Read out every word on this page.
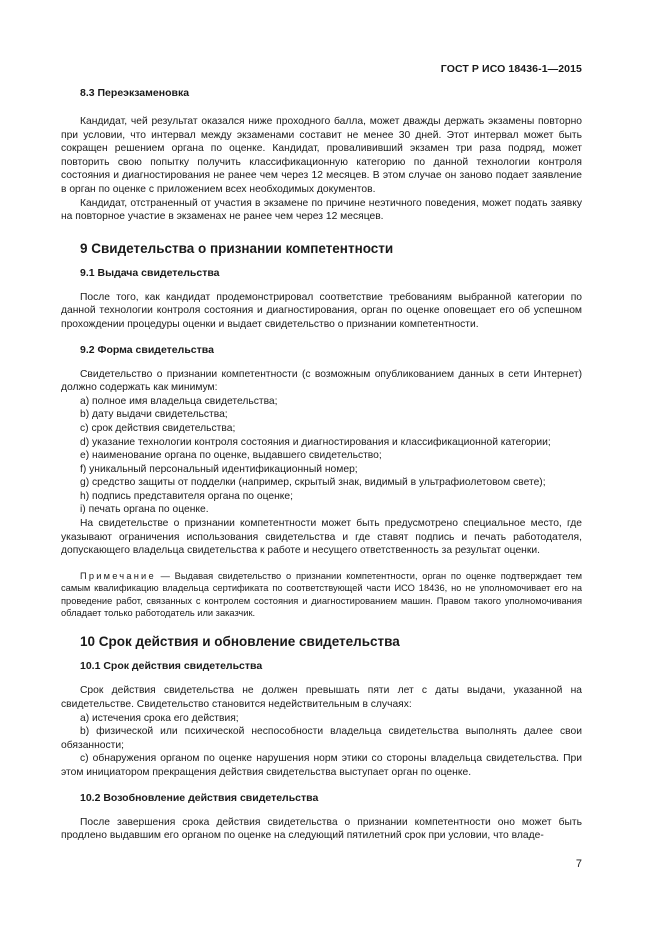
ГОСТ Р ИСО 18436-1—2015
8.3 Переэкзаменовка

Кандидат, чей результат оказался ниже проходного балла, может дважды держать экзамены повторно при условии, что интервал между экзаменами составит не менее 30 дней. Этот интервал может быть сокращен решением органа по оценке. Кандидат, провалививший экзамен три раза подряд, может повторить свою попытку получить классификационную категорию по данной технологии контроля состояния и диагностирования не ранее чем через 12 месяцев. В этом случае он заново подает заявление в орган по оценке с приложением всех необходимых документов.

Кандидат, отстраненный от участия в экзамене по причине неэтичного поведения, может подать заявку на повторное участие в экзаменах не ранее чем через 12 месяцев.

9 Свидетельства о признании компетентности
9.1 Выдача свидетельства

После того, как кандидат продемонстрировал соответствие требованиям выбранной категории по данной технологии контроля состояния и диагностирования, орган по оценке оповещает его об успешном прохождении процедуры оценки и выдает свидетельство о признании компетентности.

9.2 Форма свидетельства

Свидетельство о признании компетентности (с возможным опубликованием данных в сети Интернет) должно содержать как минимум:

a) полное имя владельца свидетельства;

b) дату выдачи свидетельства;

c) срок действия свидетельства;

d) указание технологии контроля состояния и диагностирования и классификационной категории;

e) наименование органа по оценке, выдавшего свидетельство;

f) уникальный персональный идентификационный номер;

g) средство защиты от подделки (например, скрытый знак, видимый в ультрафиолетовом свете);

h) подпись представителя органа по оценке;

i) печать органа по оценке.

На свидетельстве о признании компетентности может быть предусмотрено специальное место, где указывают ограничения использования свидетельства и где ставят подпись и печать работодателя, допускающего владельца свидетельства к работе и несущего ответственность за результат оценки.

Примечание — Выдавая свидетельство о признании компетентности, орган по оценке подтверждает тем самым квалификацию владельца сертификата по соответствующей части ИСО 18436, но не уполномочивает его на проведение работ, связанных с контролем состояния и диагностированием машин. Правом такого уполномочивания обладает только работодатель или заказчик.

10 Срок действия и обновление свидетельства
10.1 Срок действия свидетельства

Срок действия свидетельства не должен превышать пяти лет с даты выдачи, указанной на свидетельстве. Свидетельство становится недействительным в случаях:

a) истечения срока его действия;

b) физической или психической неспособности владельца свидетельства выполнять далее свои обязанности;

c) обнаружения органом по оценке нарушения норм этики со стороны владельца свидетельства. При этом инициатором прекращения действия свидетельства выступает орган по оценке.

10.2 Возобновление действия свидетельства

После завершения срока действия свидетельства о признании компетентности оно может быть продлено выдавшим его органом по оценке на следующий пятилетний срок при условии, что владе-

7
